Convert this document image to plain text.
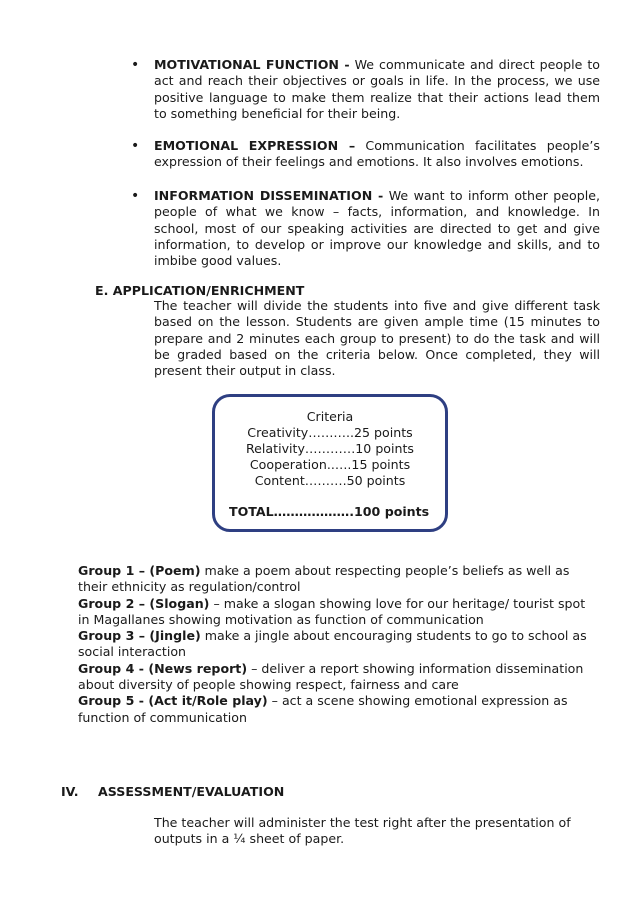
• MOTIVATIONAL FUNCTION - We communicate and direct people to act and reach their objectives or goals in life. In the process, we use positive language to make them realize that their actions lead them to something beneficial for their being.
• EMOTIONAL EXPRESSION – Communication facilitates people’s expression of their feelings and emotions. It also involves emotions.
• INFORMATION DISSEMINATION - We want to inform other people, people of what we know – facts, information, and knowledge. In school, most of our speaking activities are directed to get and give information, to develop or improve our knowledge and skills, and to imbibe good values.
E. APPLICATION/ENRICHMENT
The teacher will divide the students into five and give different task based on the lesson. Students are given ample time (15 minutes to prepare and 2 minutes each group to present) to do the task and will be graded based on the criteria below. Once completed, they will present their output in class.
Criteria
Creativity………..25 points
Relativity…………10 points
Cooperation..….15 points
Content……….50 points
TOTAL……………….100 points

Group 1 – (Poem) make a poem about respecting people’s beliefs as well as their ethnicity as regulation/control

Group 2 – (Slogan) – make a slogan showing love for our heritage/ tourist spot in Magallanes showing motivation as function of communication

Group 3 – (Jingle) make a jingle about encouraging students to go to school as social interaction

Group 4 - (News report) – deliver a report showing information dissemination about diversity of people showing respect, fairness and care

Group 5 - (Act it/Role play) – act a scene showing emotional expression as function of communication

IV. ASSESSMENT/EVALUATION
The teacher will administer the test right after the presentation of outputs in a ¼ sheet of paper.
